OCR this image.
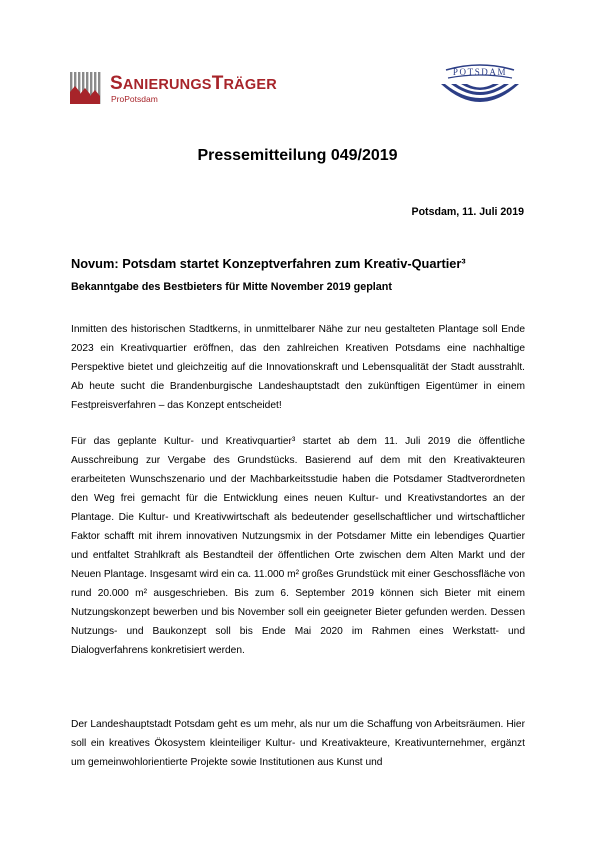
SANIERUNGSTRÄGER
ProPotsdam
POTSDAM
Pressemitteilung 049/2019
Potsdam, 11. Juli 2019
Novum: Potsdam startet Konzeptverfahren zum Kreativ-Quartier³
Bekanntgabe des Bestbieters für Mitte November 2019 geplant

Inmitten des historischen Stadtkerns, in unmittelbarer Nähe zur neu gestalteten Plantage soll Ende 2023 ein Kreativquartier eröffnen, das den zahlreichen Kreativen Potsdams eine nachhaltige Perspektive bietet und gleichzeitig auf die Innovationskraft und Lebensqualität der Stadt ausstrahlt. Ab heute sucht die Brandenburgische Landeshauptstadt den zukünftigen Eigentümer in einem Festpreisverfahren – das Konzept entscheidet!

Für das geplante Kultur- und Kreativquartier³ startet ab dem 11. Juli 2019 die öffentliche Ausschreibung zur Vergabe des Grundstücks. Basierend auf dem mit den Kreativakteuren erarbeiteten Wunschszenario und der Machbarkeitsstudie haben die Potsdamer Stadtverordneten den Weg frei gemacht für die Entwicklung eines neuen Kultur- und Kreativstandortes an der Plantage. Die Kultur- und Kreativwirtschaft als bedeutender gesellschaftlicher und wirtschaftlicher Faktor schafft mit ihrem innovativen Nutzungsmix in der Potsdamer Mitte ein lebendiges Quartier und entfaltet Strahlkraft als Bestandteil der öffentlichen Orte zwischen dem Alten Markt und der Neuen Plantage. Insgesamt wird ein ca. 11.000 m² großes Grundstück mit einer Geschossfläche von rund 20.000 m² ausgeschrieben. Bis zum 6. September 2019 können sich Bieter mit einem Nutzungskonzept bewerben und bis November soll ein geeigneter Bieter gefunden werden. Dessen Nutzungs- und Baukonzept soll bis Ende Mai 2020 im Rahmen eines Werkstatt- und Dialogverfahrens konkretisiert werden.

Der Landeshauptstadt Potsdam geht es um mehr, als nur um die Schaffung von Arbeitsräumen. Hier soll ein kreatives Ökosystem kleinteiliger Kultur- und Kreativakteure, Kreativunternehmer, ergänzt um gemeinwohlorientierte Projekte sowie Institutionen aus Kunst und
